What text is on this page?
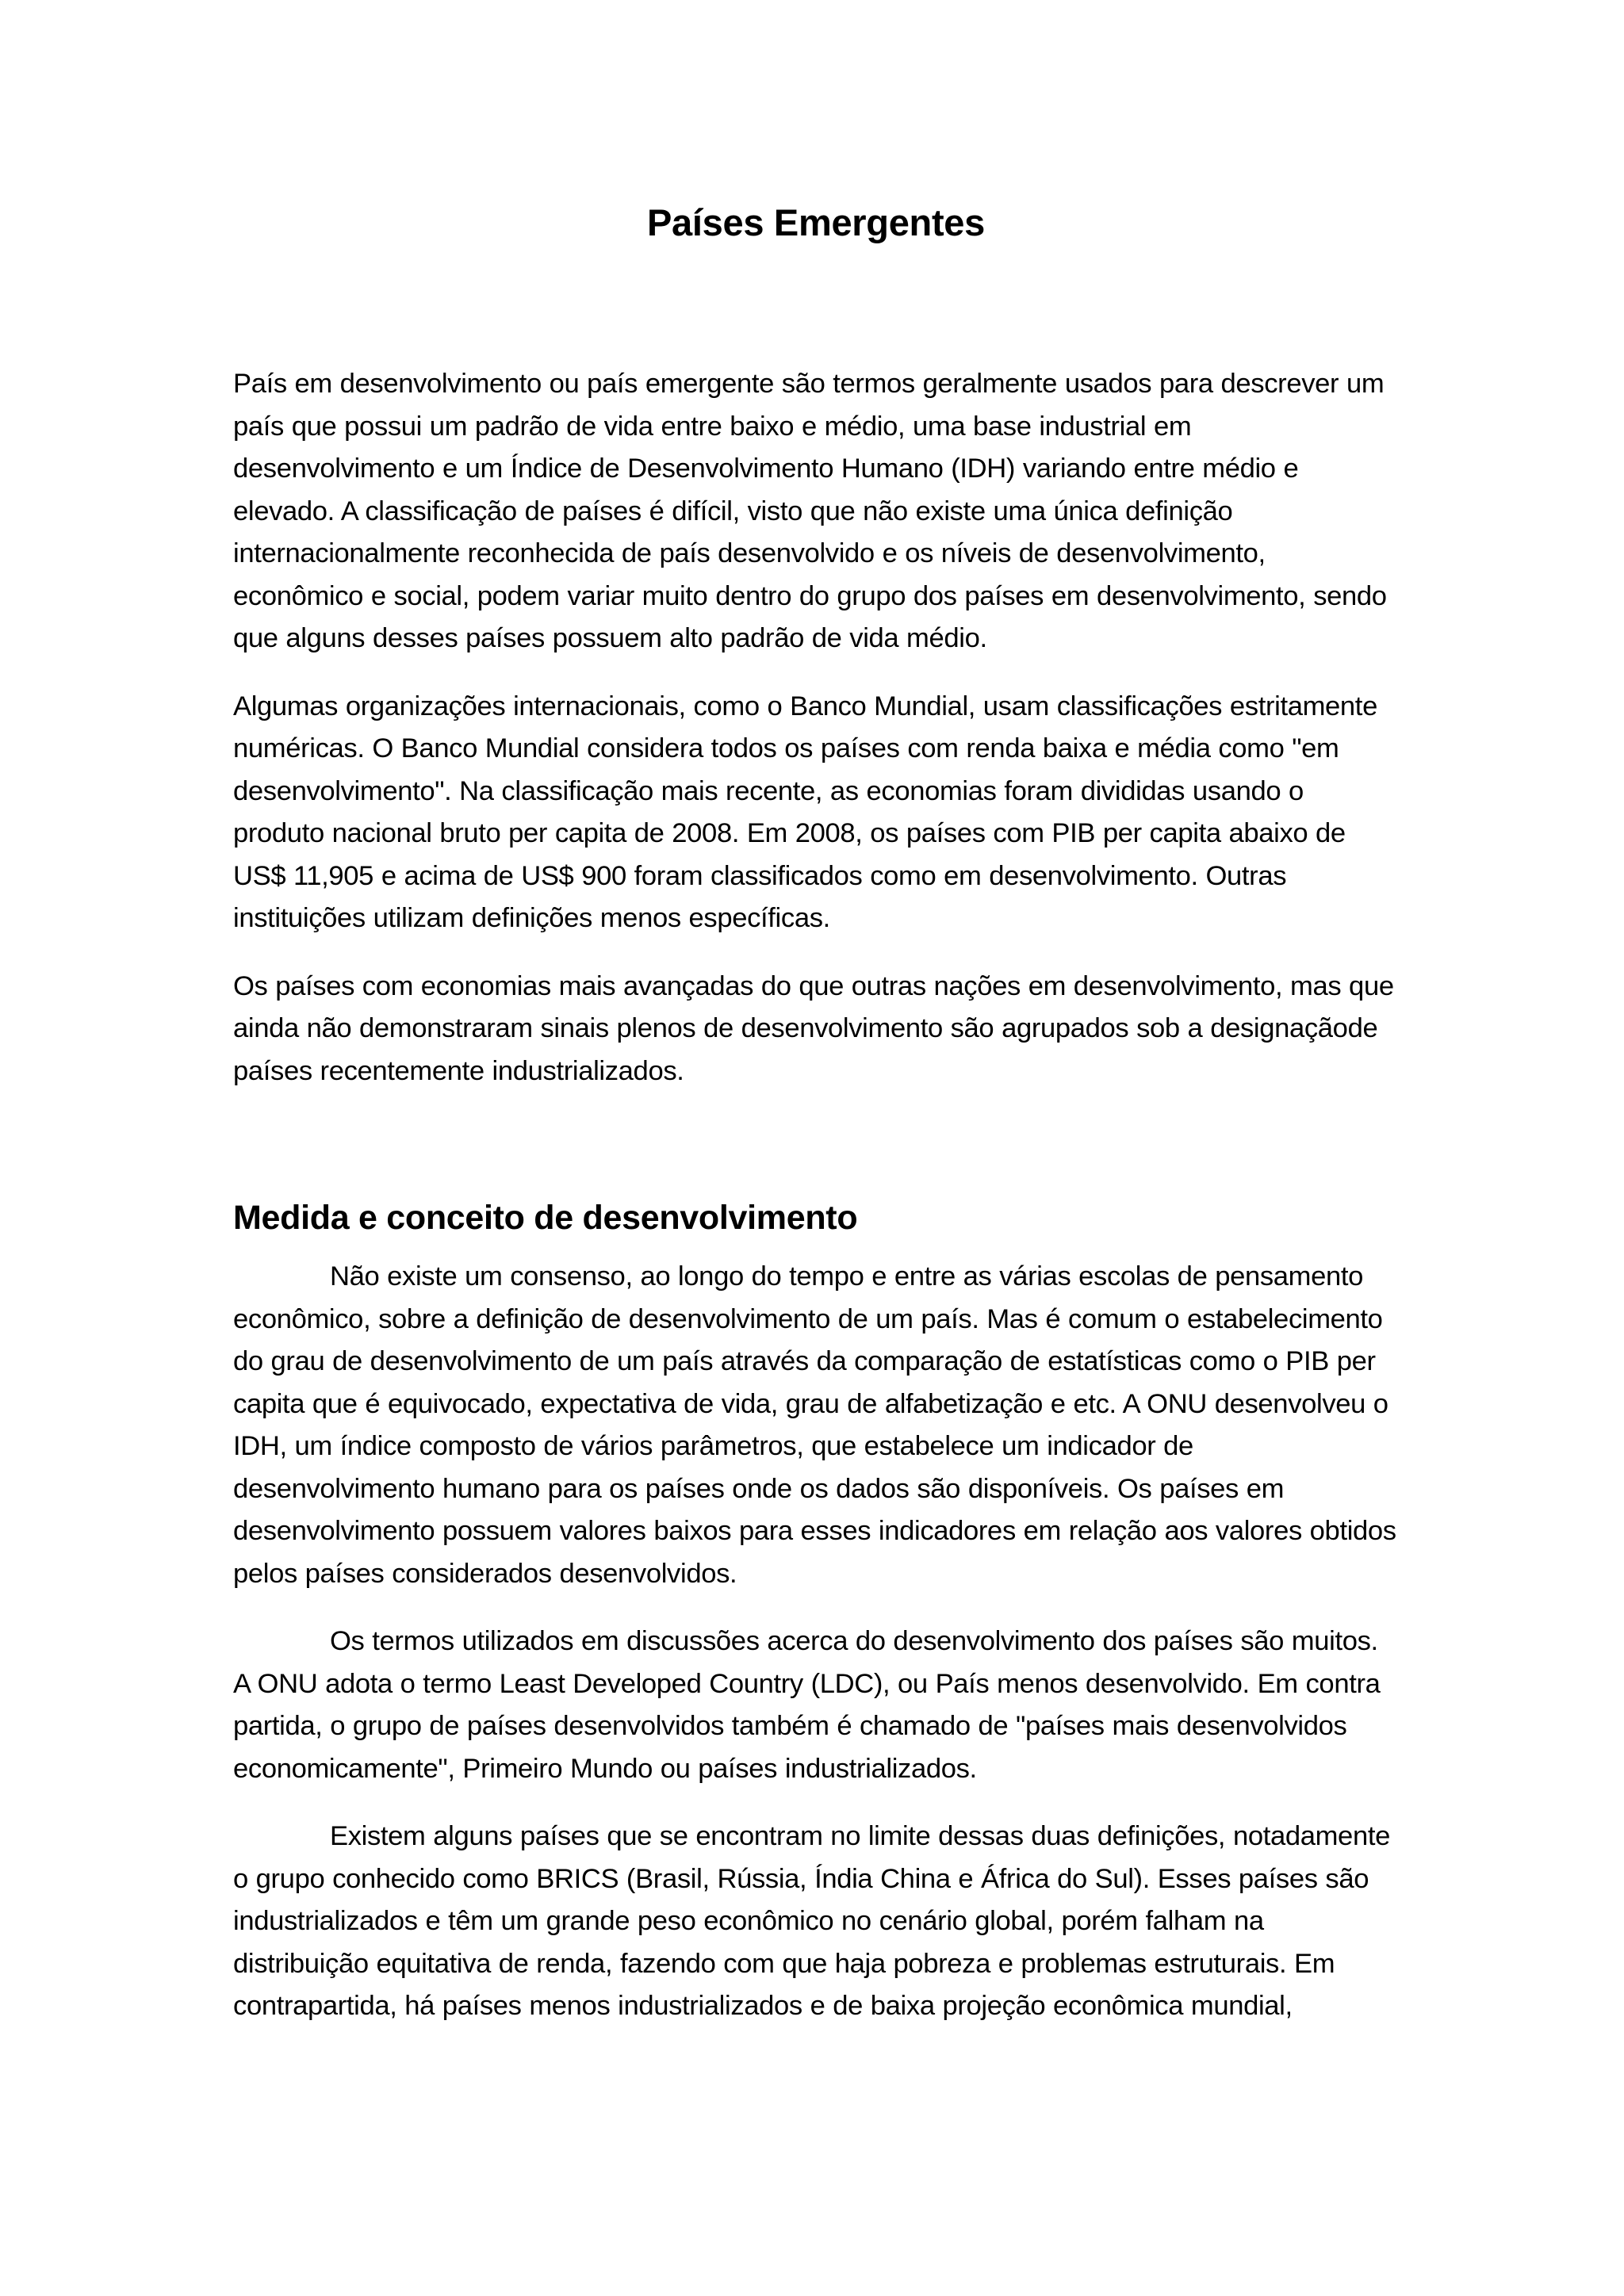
Países Emergentes

País em desenvolvimento ou país emergente são termos geralmente usados para descrever um país que possui um padrão de vida entre baixo e médio, uma base industrial em desenvolvimento e um Índice de Desenvolvimento Humano (IDH) variando entre médio e elevado. A classificação de países é difícil, visto que não existe uma única definição internacionalmente reconhecida de país desenvolvido e os níveis de desenvolvimento, econômico e social, podem variar muito dentro do grupo dos países em desenvolvimento, sendo que alguns desses países possuem alto padrão de vida médio.

Algumas organizações internacionais, como o Banco Mundial, usam classificações estritamente numéricas. O Banco Mundial considera todos os países com renda baixa e média como "em desenvolvimento". Na classificação mais recente, as economias foram divididas usando o produto nacional bruto per capita de 2008. Em 2008, os países com PIB per capita abaixo de US$ 11,905 e acima de US$ 900 foram classificados como em desenvolvimento. Outras instituições utilizam definições menos específicas.

Os países com economias mais avançadas do que outras nações em desenvolvimento, mas que ainda não demonstraram sinais plenos de desenvolvimento são agrupados sob a designaçãode países recentemente industrializados.

Medida e conceito de desenvolvimento

Não existe um consenso, ao longo do tempo e entre as várias escolas de pensamento econômico, sobre a definição de desenvolvimento de um país. Mas é comum o estabelecimento do grau de desenvolvimento de um país através da comparação de estatísticas como o PIB per capita que é equivocado, expectativa de vida, grau de alfabetização e etc. A ONU desenvolveu o IDH, um índice composto de vários parâmetros, que estabelece um indicador de desenvolvimento humano para os países onde os dados são disponíveis. Os países em desenvolvimento possuem valores baixos para esses indicadores em relação aos valores obtidos pelos países considerados desenvolvidos.

Os termos utilizados em discussões acerca do desenvolvimento dos países são muitos. A ONU adota o termo Least Developed Country (LDC), ou País menos desenvolvido. Em contra partida, o grupo de países desenvolvidos também é chamado de "países mais desenvolvidos economicamente", Primeiro Mundo ou países industrializados.

Existem alguns países que se encontram no limite dessas duas definições, notadamente o grupo conhecido como BRICS (Brasil, Rússia, Índia China e África do Sul). Esses países são industrializados e têm um grande peso econômico no cenário global, porém falham na distribuição equitativa de renda, fazendo com que haja pobreza e problemas estruturais. Em contrapartida, há países menos industrializados e de baixa projeção econômica mundial,
